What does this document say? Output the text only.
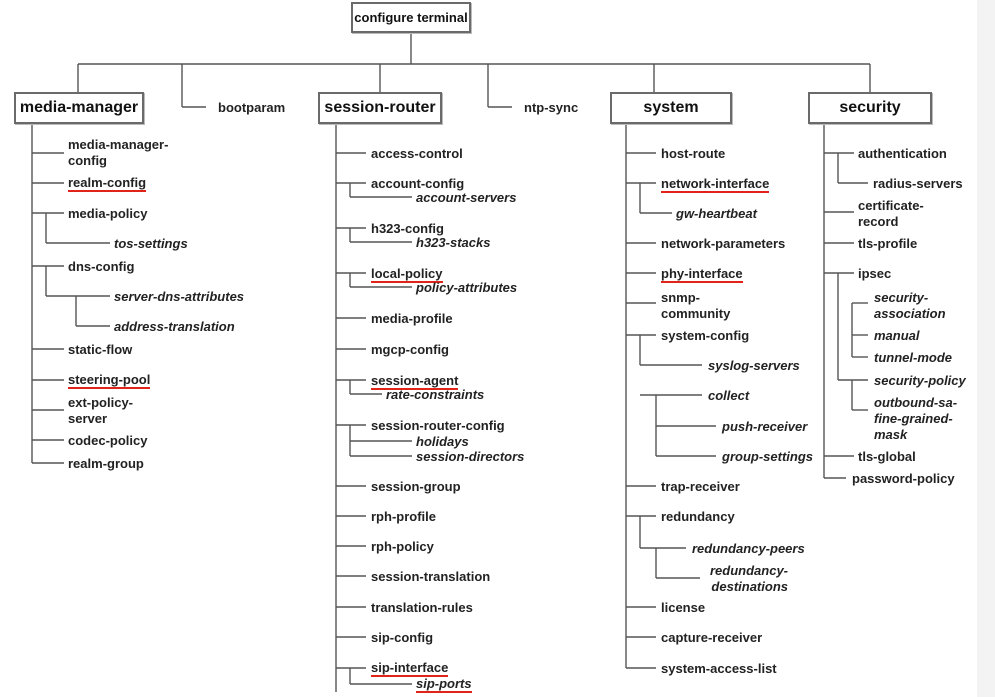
configure terminal
media-manager	session-router	system	security
bootparam	ntp-sync
media-manager-
config
realm-config
media-policy
tos-settings
dns-config
server-dns-attributes
address-translation
static-flow
steering-pool
ext-policy-
server
codec-policy
realm-group
access-control
account-config
account-servers
h323-config
h323-stacks
local-policy
policy-attributes
media-profile
mgcp-config
session-agent
rate-constraints
session-router-config
holidays
session-directors
session-group
rph-profile
rph-policy
session-translation
translation-rules
sip-config
sip-interface
sip-ports
host-route
network-interface
gw-heartbeat
network-parameters
phy-interface
snmp-
community
system-config
syslog-servers
collect
push-receiver
group-settings
trap-receiver
redundancy
redundancy-peers
redundancy-
destinations
license
capture-receiver
system-access-list
authentication
radius-servers
certificate-
record
tls-profile
ipsec
security-
association
manual
tunnel-mode
security-policy
outbound-sa-
fine-grained-
mask
tls-global
password-policy
